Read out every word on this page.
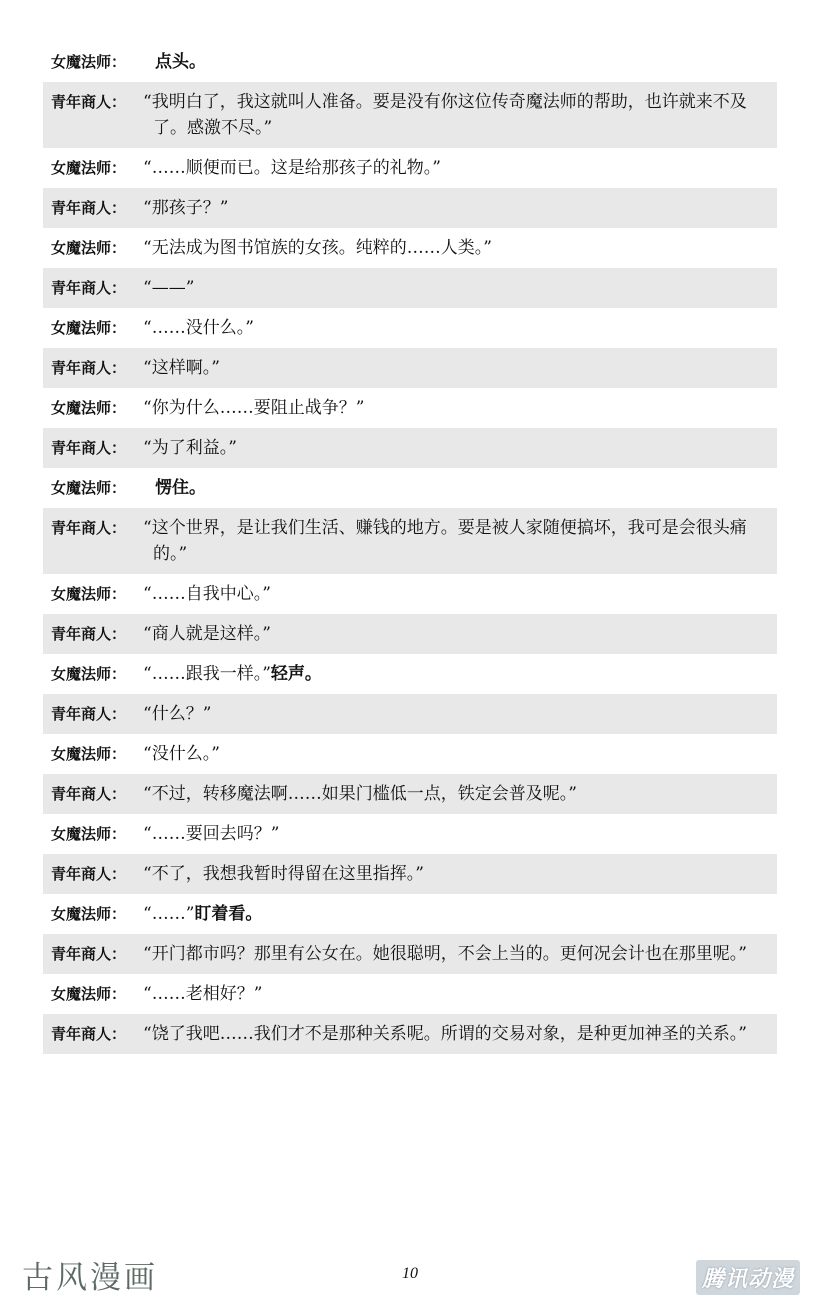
女魔法师：	点头。
青年商人： “我明白了，我这就叫人准备。要是没有你这位传奇魔法师的帮助，也许就来不及了。感激不尽。”
女魔法师： “……顺便而已。这是给那孩子的礼物。”
青年商人： “那孩子？”
女魔法师： “无法成为图书馆族的女孩。纯粹的……人类。”
青年商人： “——”
女魔法师： “……没什么。”
青年商人： “这样啊。”
女魔法师： “你为什么……要阻止战争？”
青年商人： “为了利益。”
女魔法师：	愣住。
青年商人： “这个世界，是让我们生活、赚钱的地方。要是被人家随便搞坏，我可是会很头痛的。”
女魔法师： “……自我中心。”
青年商人： “商人就是这样。”
女魔法师： “……跟我一样。”轻声。
青年商人： “什么？”
女魔法师： “没什么。”
青年商人： “不过，转移魔法啊……如果门槛低一点，铁定会普及呢。”
女魔法师： “……要回去吗？”
青年商人： “不了，我想我暂时得留在这里指挥。”
女魔法师： “……”盯着看。
青年商人： “开门都市吗？那里有公女在。她很聪明，不会上当的。更何况会计也在那里呢。”
女魔法师： “……老相好？”
青年商人： “饶了我吧……我们才不是那种关系呢。所谓的交易对象，是种更加神圣的关系。”
古风漫画	10	腾讯动漫
